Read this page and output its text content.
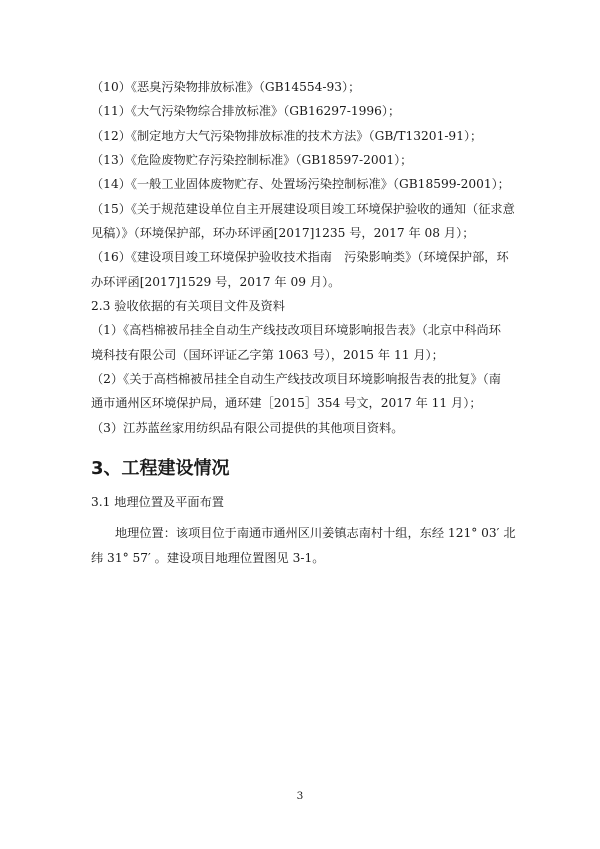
（10）《恶臭污染物排放标准》（GB14554-93）；
（11）《大气污染物综合排放标准》（GB16297-1996）；
（12）《制定地方大气污染物排放标准的技术方法》（GB/T13201-91）；
（13）《危险废物贮存污染控制标准》（GB18597-2001）；
（14）《一般工业固体废物贮存、处置场污染控制标准》（GB18599-2001）；
（15）《关于规范建设单位自主开展建设项目竣工环境保护验收的通知（征求意
见稿）》（环境保护部，环办环评函[2017]1235 号，2017 年 08 月）；
（16）《建设项目竣工环境保护验收技术指南　污染影响类》（环境保护部，环
办环评函[2017]1529 号，2017 年 09 月）。
2.3 验收依据的有关项目文件及资料
（1）《高档棉被吊挂全自动生产线技改项目环境影响报告表》（北京中科尚环
境科技有限公司（国环评证乙字第 1063 号），2015 年 11 月）；
（2）《关于高档棉被吊挂全自动生产线技改项目环境影响报告表的批复》（南
通市通州区环境保护局，通环建［2015］354 号文，2017 年 11 月）；
（3）江苏蓝丝家用纺织品有限公司提供的其他项目资料。
3、工程建设情况
3.1 地理位置及平面布置
地理位置：该项目位于南通市通州区川姜镇志南村十组，东经 121° 03′ 北
纬 31° 57′ 。建设项目地理位置图见 3-1。
3
